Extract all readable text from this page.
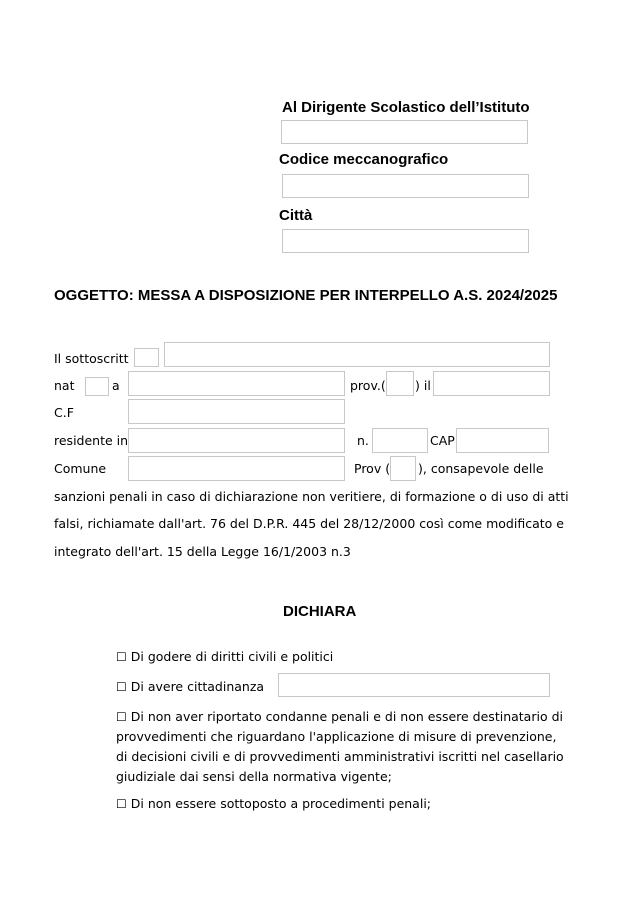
Al Dirigente Scolastico dell’Istituto
Codice meccanografico
Città
OGGETTO: MESSA A DISPOSIZIONE PER INTERPELLO A.S. 2024/2025
Il sottoscritt
nat	a	prov.( ) il
C.F
residente in	n.	CAP
Comune	Prov ( ), consapevole delle
sanzioni penali in caso di dichiarazione non veritiere, di formazione o di uso di atti
falsi, richiamate dall'art. 76 del D.P.R. 445 del 28/12/2000 così come modificato e
integrato dell'art. 15 della Legge 16/1/2003 n.3
DICHIARA
☐ Di godere di diritti civili e politici
☐ Di avere cittadinanza
☐ Di non aver riportato condanne penali e di non essere destinatario di provvedimenti che riguardano l'applicazione di misure di prevenzione, di decisioni civili e di provvedimenti amministrativi iscritti nel casellario giudiziale dai sensi della normativa vigente;
☐ Di non essere sottoposto a procedimenti penali;
